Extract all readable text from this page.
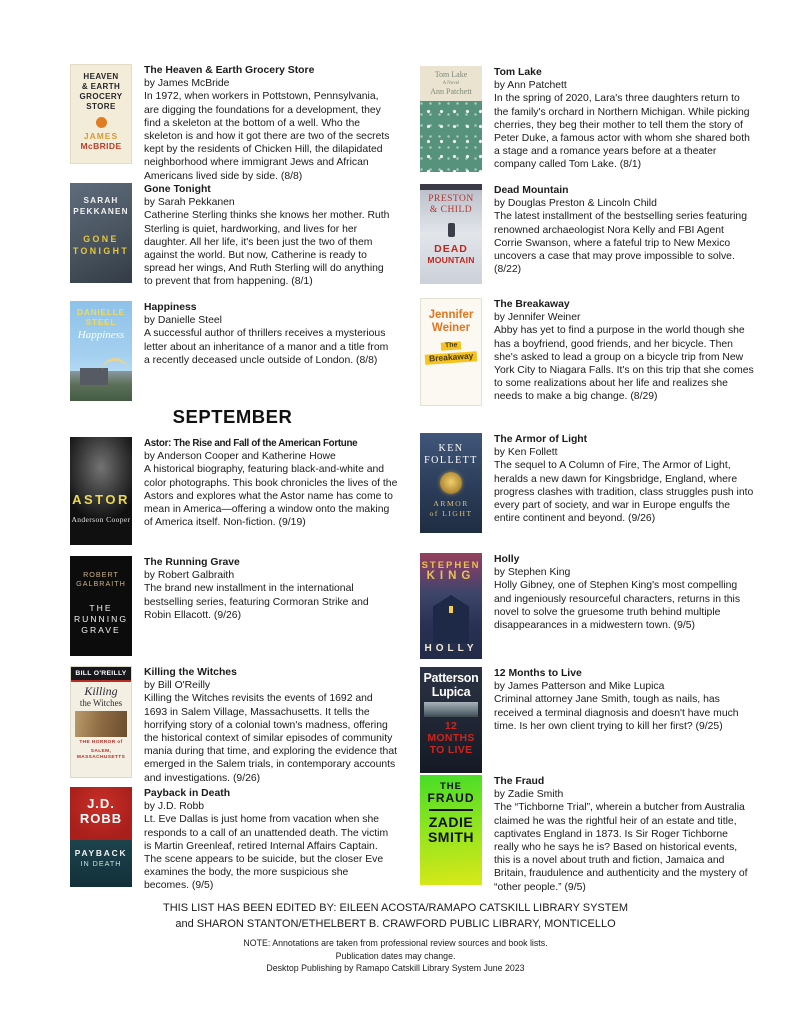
HEAVEN
& EARTH
GROCERY
STORE
JAMES
McBRIDE
The Heaven & Earth Grocery Store
by James McBride
In 1972, when workers in Pottstown, Pennsylvania, are digging the foundations for a development, they find a skeleton at the bottom of a well. Who the skeleton is and how it got there are two of the secrets kept by the residents of Chicken Hill, the dilapidated neighborhood where immigrant Jews and African Americans lived side by side. (8/8)
Tom Lake
A Novel
Ann Patchett
Tom Lake
by Ann Patchett
In the spring of 2020, Lara's three daughters return to the family's orchard in Northern Michigan. While picking cherries, they beg their mother to tell them the story of Peter Duke, a famous actor with whom she shared both a stage and a romance years before at a theater company called Tom Lake. (8/1)
SARAH
PEKKANEN
GONE
TONIGHT
Gone Tonight
by Sarah Pekkanen
Catherine Sterling thinks she knows her mother. Ruth Sterling is quiet, hardworking, and lives for her daughter. All her life, it's been just the two of them against the world. But now, Catherine is ready to spread her wings, And Ruth Sterling will do anything to prevent that from happening. (8/1)
PRESTON
& CHILD
DEAD
MOUNTAIN
Dead Mountain
by Douglas Preston & Lincoln Child
The latest installment of the bestselling series featuring renowned archaeologist Nora Kelly and FBI Agent Corrie Swanson, where a fateful trip to New Mexico uncovers a case that may prove impossible to solve. (8/22)
DANIELLE
STEEL
Happiness
Happiness
by Danielle Steel
A successful author of thrillers receives a mysterious letter about an inheritance of a manor and a title from a recently deceased uncle outside of London. (8/8)
Jennifer
Weiner
The
Breakaway
The Breakaway
by Jennifer Weiner
Abby has yet to find a purpose in the world though she has a boyfriend, good friends, and her bicycle. Then she's asked to lead a group on a bicycle trip from New York City to Niagara Falls. It's on this trip that she comes to some realizations about her life and realizes she needs to make a big change. (8/29)
SEPTEMBER
ASTOR
Anderson Cooper
Astor: The Rise and Fall of the American Fortune
by Anderson Cooper and Katherine Howe
A historical biography, featuring black-and-white and color photographs. This book chronicles the lives of the Astors and explores what the Astor name has come to mean in America—offering a window onto the making of America itself. Non-fiction. (9/19)
KEN
FOLLETT
ARMOR
of LIGHT
The Armor of Light
by Ken Follett
The sequel to A Column of Fire, The Armor of Light, heralds a new dawn for Kingsbridge, England, where progress clashes with tradition, class struggles push into every part of society, and war in Europe engulfs the entire continent and beyond. (9/26)
ROBERT
GALBRAITH
THE
RUNNING
GRAVE
The Running Grave
by Robert Galbraith
The brand new installment in the international bestselling series, featuring Cormoran Strike and Robin Ellacott. (9/26)
STEPHEN
KING
HOLLY
Holly
by Stephen King
Holly Gibney, one of Stephen King's most compelling and ingeniously resourceful characters, returns in this novel to solve the gruesome truth behind multiple disappearances in a midwestern town. (9/5)
BILL O'REILLY
Killing
the Witches
THE HORROR of
SALEM, MASSACHUSETTS
Killing the Witches
by Bill O'Reilly
Killing the Witches revisits the events of 1692 and 1693 in Salem Village, Massachusetts. It tells the horrifying story of a colonial town's madness, offering the historical context of similar episodes of community mania during that time, and exploring the evidence that emerged in the Salem trials, in contemporary accounts and investigations. (9/26)
Patterson
Lupica
12 MONTHS
TO LIVE
12 Months to Live
by James Patterson and Mike Lupica
Criminal attorney Jane Smith, tough as nails, has received a terminal diagnosis and doesn't have much time. Is her own client trying to kill her first? (9/25)
J.D.
ROBB
PAYBACK
IN DEATH
Payback in Death
by J.D. Robb
Lt. Eve Dallas is just home from vacation when she responds to a call of an unattended death. The victim is Martin Greenleaf, retired Internal Affairs Captain. The scene appears to be suicide, but the closer Eve examines the body, the more suspicious she becomes. (9/5)
THE
FRAUD
ZADIE
SMITH
The Fraud
by Zadie Smith
The “Tichborne Trial”, wherein a butcher from Australia claimed he was the rightful heir of an estate and title, captivates England in 1873. Is Sir Roger Tichborne really who he says he is? Based on historical events, this is a novel about truth and fiction, Jamaica and Britain, fraudulence and authenticity and the mystery of “other people.” (9/5)
THIS LIST HAS BEEN EDITED BY: EILEEN ACOSTA/RAMAPO CATSKILL LIBRARY SYSTEM
and SHARON STANTON/ETHELBERT B. CRAWFORD PUBLIC LIBRARY, MONTICELLO
NOTE: Annotations are taken from professional review sources and book lists.
Publication dates may change.
Desktop Publishing by Ramapo Catskill Library System June 2023
